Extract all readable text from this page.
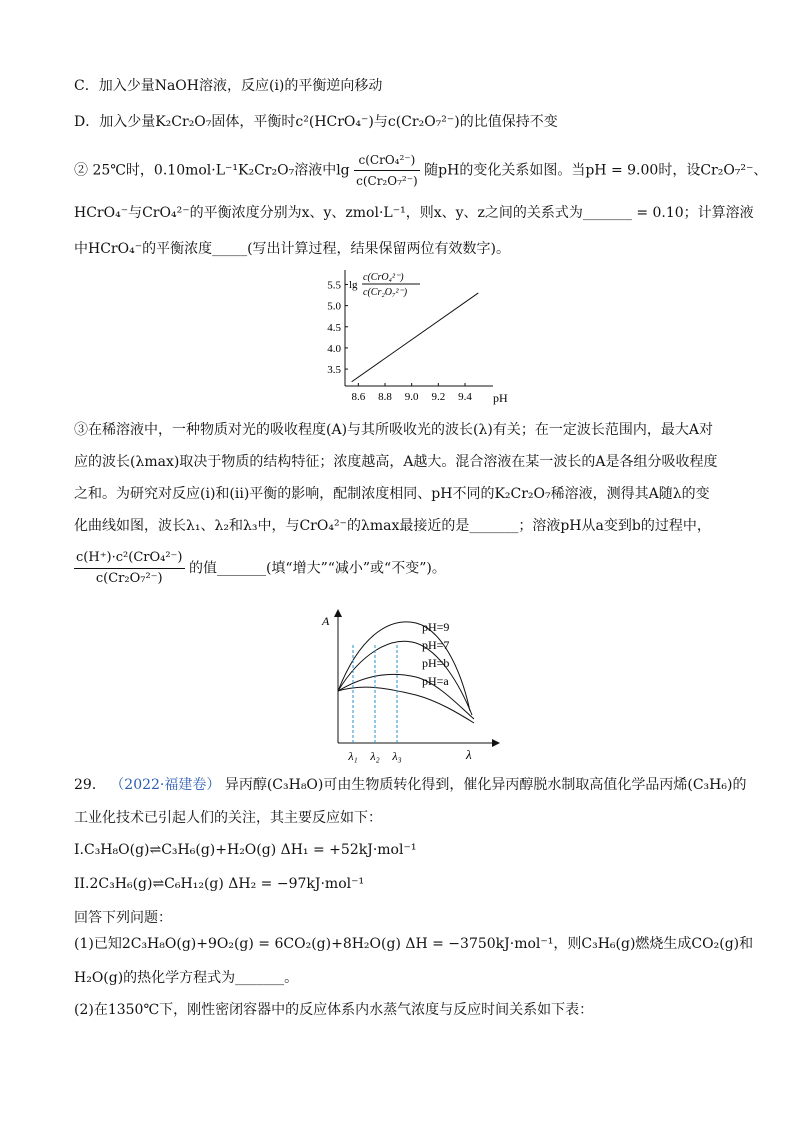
C．加入少量NaOH溶液，反应(i)的平衡逆向移动
D．加入少量K₂Cr₂O₇固体，平衡时c²(HCrO₄⁻)与c(Cr₂O₇²⁻)的比值保持不变
② 25℃时，0.10mol·L⁻¹K₂Cr₂O₇溶液中$\lg \frac{\text{c(CrO₄²⁻)}}{\text{c(Cr₂O₇²⁻)}}$ 随pH的变化关系如图。当pH = 9.00时，设Cr₂O₇²⁻、
HCrO₄⁻与CrO₄²⁻的平衡浓度分别为x、y、zmol·L⁻¹，则x、y、z之间的关系式为_______ = 0.10；计算溶液
中HCrO₄⁻的平衡浓度_____(写出计算过程，结果保留两位有效数字)。
3.5
4.0
4.5
5.0
5.5
8.6 8.8 9.0 9.2 9.4 pH
lg
c(CrO₄²⁻)
c(Cr₂O₇²⁻)
③在稀溶液中，一种物质对光的吸收程度(A)与其所吸收光的波长(λ)有关；在一定波长范围内，最大A对
应的波长(λmax)取决于物质的结构特征；浓度越高，A越大。混合溶液在某一波长的A是各组分吸收程度
之和。为研究对反应(i)和(ii)平衡的影响，配制浓度相同、pH不同的K₂Cr₂O₇稀溶液，测得其A随λ的变
化曲线如图，波长λ₁、λ₂和λ₃中，与CrO₄²⁻的λmax最接近的是_______；溶液pH从a变到b的过程中，
$\frac{\text{c(H⁺)·c²(CrO₄²⁻)}}{\text{c(Cr₂O₇²⁻)}}$ 的值_______(填“增大”“减小”或“不变”)。
A
λ
pH=9
pH=7
pH=b
pH=a
λ₁ λ₂ λ₃
29． （2022·福建卷） 异丙醇(C₃H₈O)可由生物质转化得到，催化异丙醇脱水制取高值化学品丙烯(C₃H₆)的
工业化技术已引起人们的关注，其主要反应如下：
I.C₃H₈O(g)⇌C₃H₆(g)+H₂O(g) ΔH₁ = +52kJ·mol⁻¹
II.2C₃H₆(g)⇌C₆H₁₂(g) ΔH₂ = −97kJ·mol⁻¹
回答下列问题：
(1)已知2C₃H₈O(g)+9O₂(g) = 6CO₂(g)+8H₂O(g) ΔH = −3750kJ·mol⁻¹，则C₃H₆(g)燃烧生成CO₂(g)和
H₂O(g)的热化学方程式为_______。
(2)在1350℃下，刚性密闭容器中的反应体系内水蒸气浓度与反应时间关系如下表：
